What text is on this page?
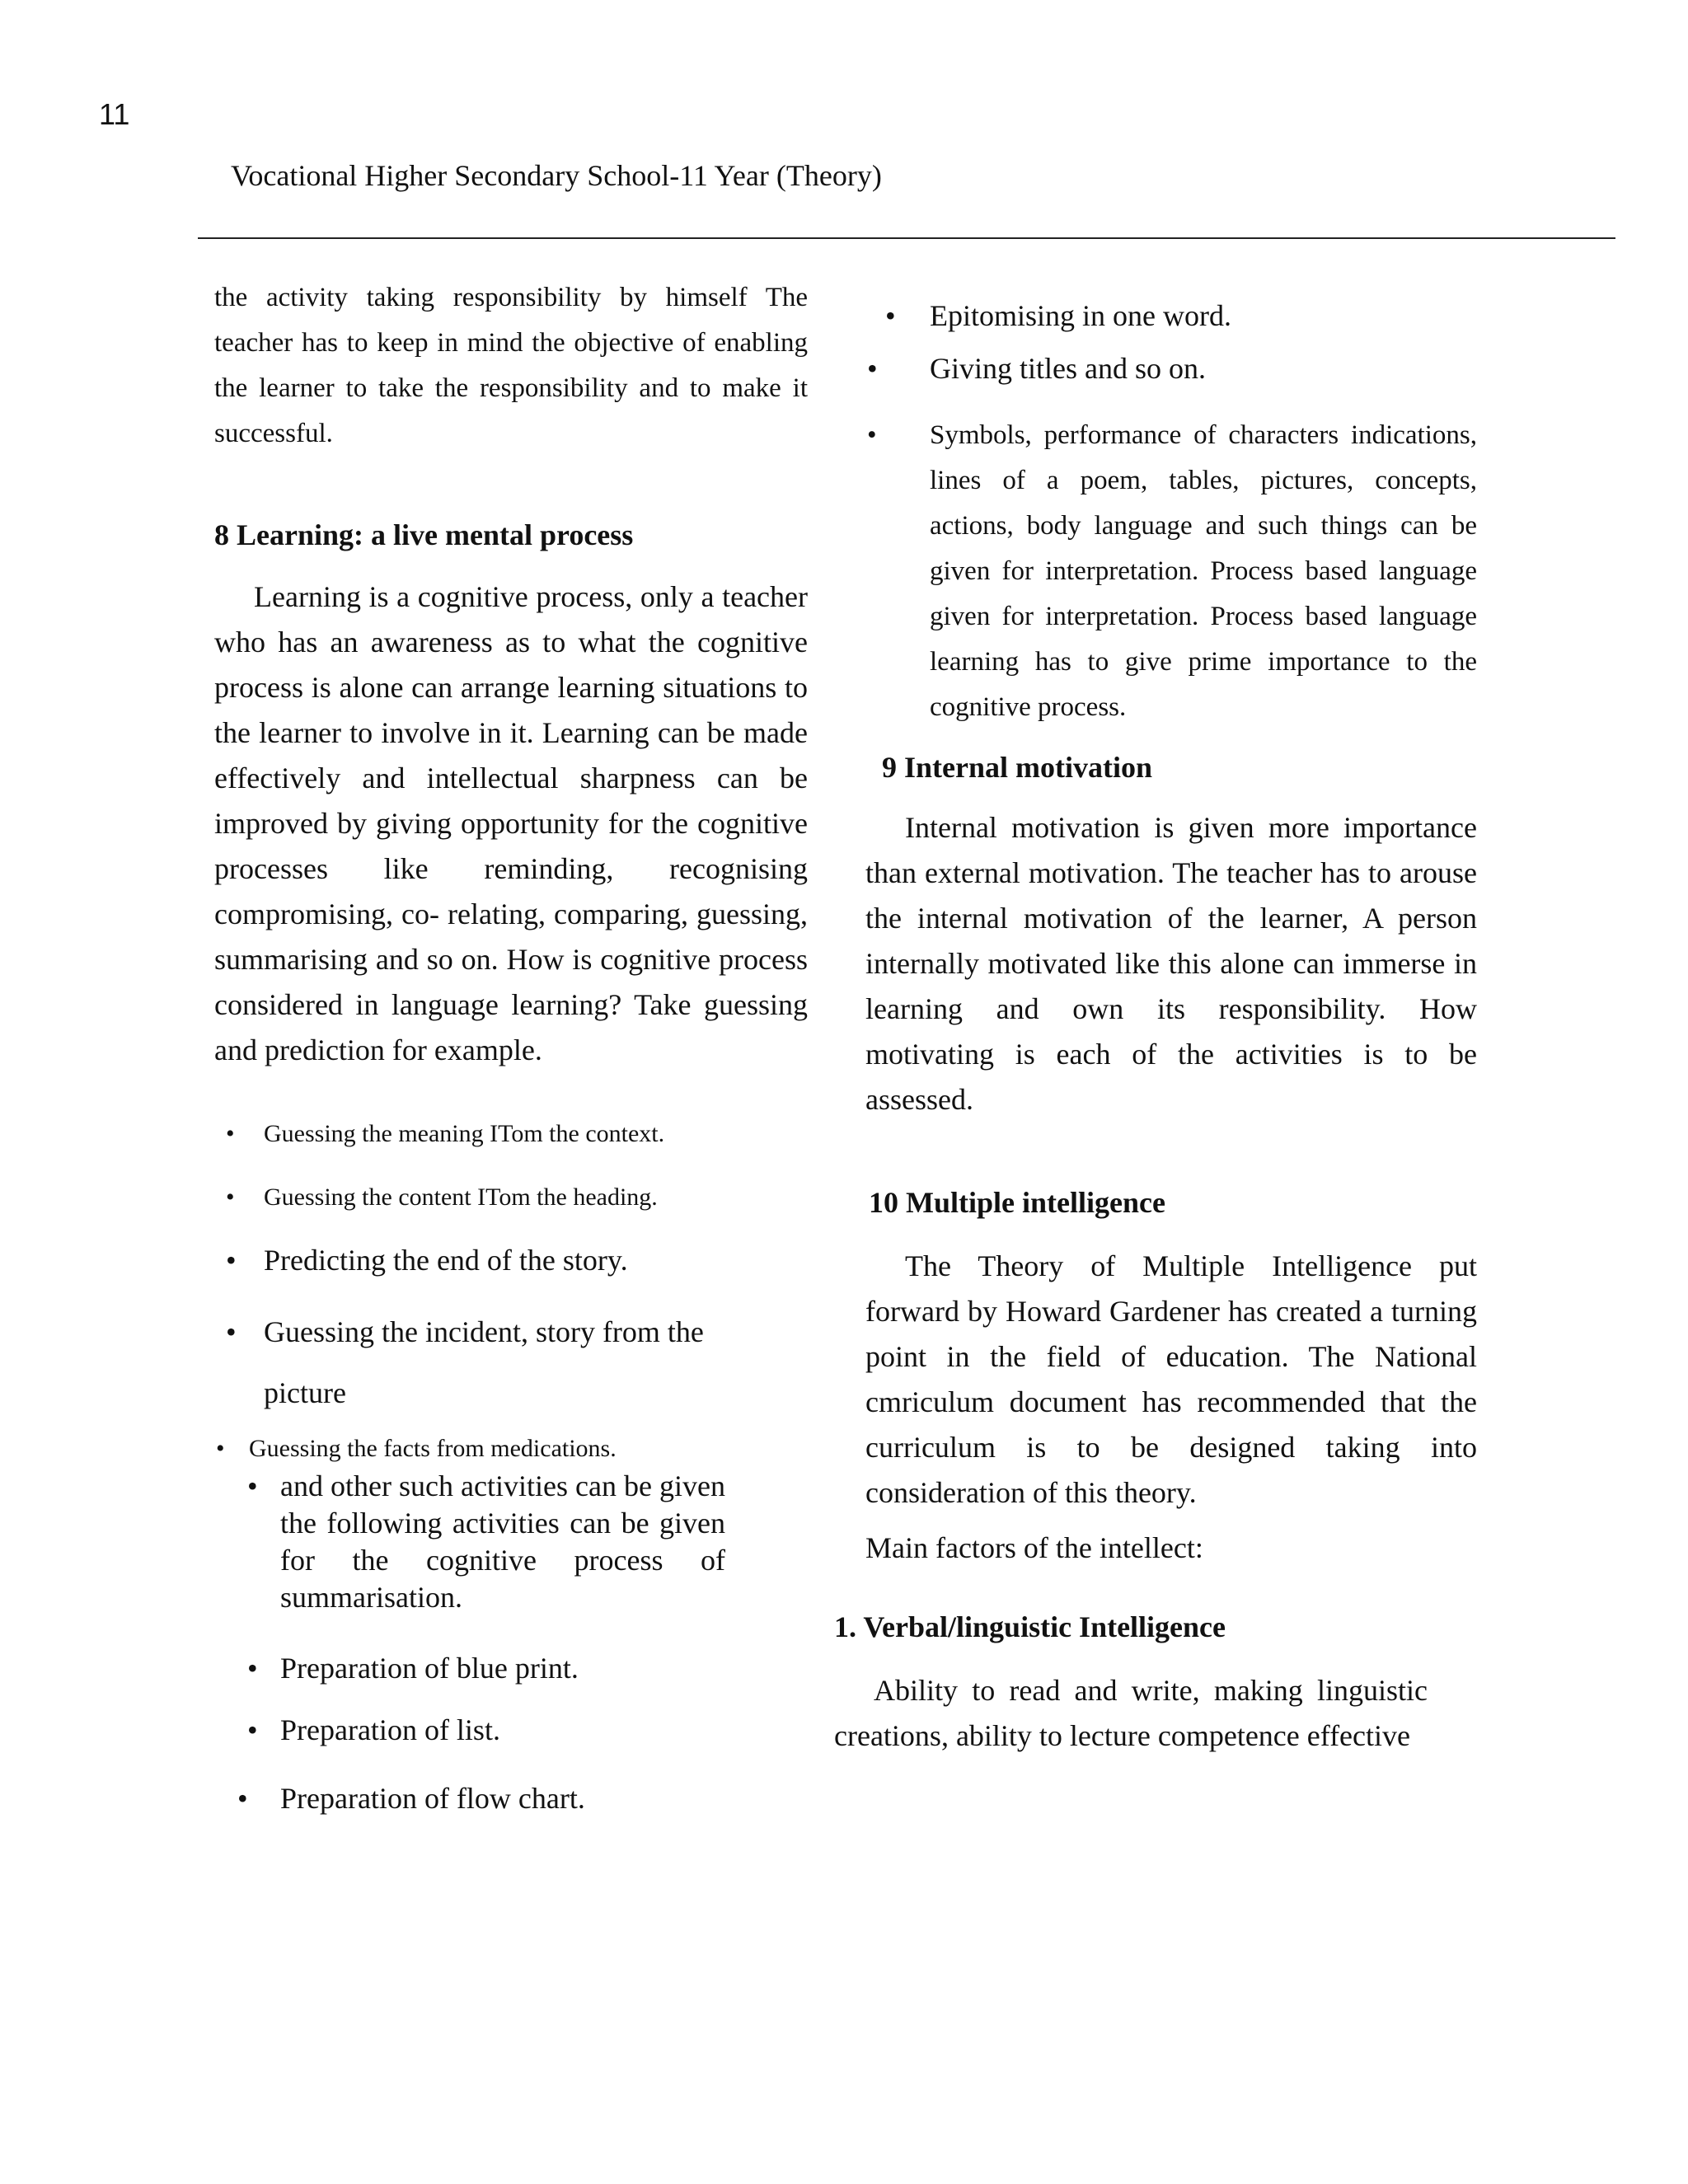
11
Vocational Higher Secondary School-11 Year (Theory)

the activity taking responsibility by himself The teacher has to keep in mind the objective of enabling the learner to take the responsibility and to make it successful.

8 Learning: a live mental process

Learning is a cognitive process, only a teacher who has an awareness as to what the cognitive process is alone can arrange learning situations to the learner to involve in it. Learning can be made effectively and intellectual sharpness can be improved by giving opportunity for the cognitive processes like reminding, recognising compromising, co- relating, comparing, guessing, summarising and so on. How is cognitive process considered in language learning? Take guessing and prediction for example.

• Guessing the meaning ITom the context.
• Guessing the content ITom the heading.
• Predicting the end of the story.
• Guessing the incident, story from the picture
• Guessing the facts from medications.
• and other such activities can be given the following activities can be given for the cognitive process of summarisation.
• Preparation of blue print.
• Preparation of list.
• Preparation of flow chart.
• Epitomising in one word.
• Giving titles and so on.
• Symbols, performance of characters indications, lines of a poem, tables, pictures, concepts, actions, body language and such things can be given for interpretation. Process based language given for interpretation. Process based language learning has to give prime importance to the cognitive process.
9 Internal motivation

Internal motivation is given more importance than external motivation. The teacher has to arouse the internal motivation of the learner, A person internally motivated like this alone can immerse in learning and own its responsibility. How motivating is each of the activities is to be assessed.

10 Multiple intelligence

The Theory of Multiple Intelligence put forward by Howard Gardener has created a turning point in the field of education. The National cmriculum document has recommended that the curriculum is to be designed taking into consideration of this theory.

Main factors of the intellect:

1. Verbal/linguistic Intelligence

Ability to read and write, making linguistic creations, ability to lecture competence effective
